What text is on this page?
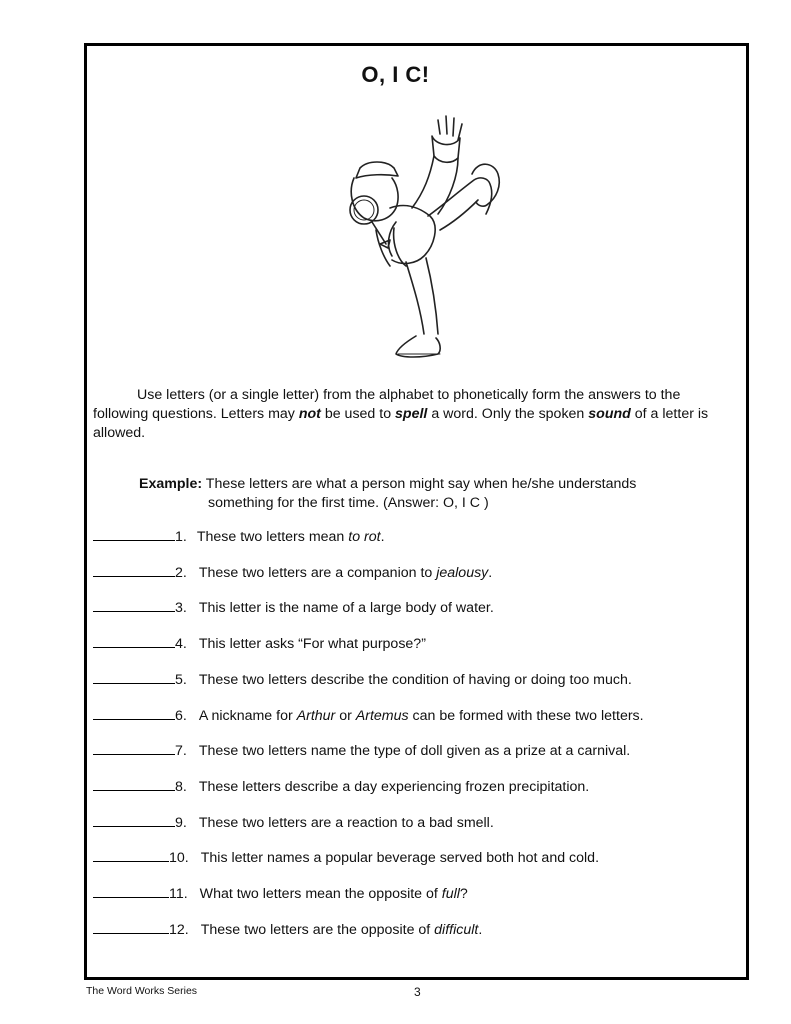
O, I C!
Use letters (or a single letter) from the alphabet to phonetically form the answers to the following questions. Letters may not be used to spell a word. Only the spoken sound of a letter is allowed.
Example: These letters are what a person might say when he/she understands
something for the first time. (Answer: O, I C )
1. These two letters mean to rot.
2. These two letters are a companion to jealousy.
3. This letter is the name of a large body of water.
4. This letter asks “For what purpose?”
5. These two letters describe the condition of having or doing too much.
6. A nickname for Arthur or Artemus can be formed with these two letters.
7. These two letters name the type of doll given as a prize at a carnival.
8. These letters describe a day experiencing frozen precipitation.
9. These two letters are a reaction to a bad smell.
10. This letter names a popular beverage served both hot and cold.
11. What two letters mean the opposite of full?
12. These two letters are the opposite of difficult.
The Word Works Series	3
